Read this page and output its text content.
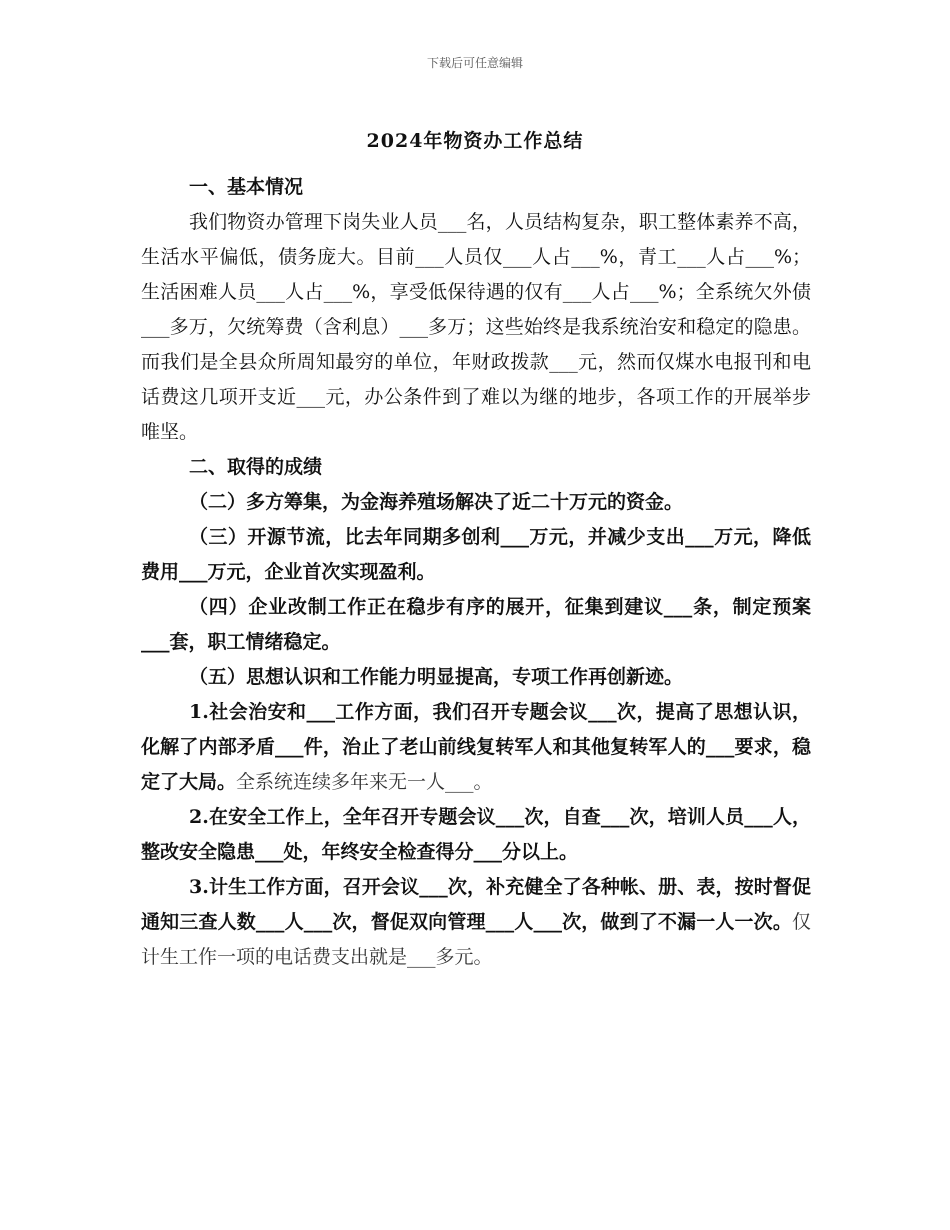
下载后可任意编辑
2024年物资办工作总结

一、基本情况

我们物资办管理下岗失业人员___名，人员结构复杂，职工整体素养不高，生活水平偏低，债务庞大。目前___人员仅___人占___%，青工___人占___%；生活困难人员___人占___%，享受低保待遇的仅有___人占___%；全系统欠外债___多万，欠统筹费（含利息）___多万；这些始终是我系统治安和稳定的隐患。而我们是全县众所周知最穷的单位，年财政拨款___元，然而仅煤水电报刊和电话费这几项开支近___元，办公条件到了难以为继的地步，各项工作的开展举步唯坚。

二、取得的成绩

（二）多方筹集，为金海养殖场解决了近二十万元的资金。

（三）开源节流，比去年同期多创利___万元，并减少支出___万元，降低费用___万元，企业首次实现盈利。

（四）企业改制工作正在稳步有序的展开，征集到建议___条，制定预案___套，职工情绪稳定。

（五）思想认识和工作能力明显提高，专项工作再创新迹。

1.社会治安和___工作方面，我们召开专题会议___次，提高了思想认识，化解了内部矛盾___件，治止了老山前线复转军人和其他复转军人的___要求，稳定了大局。全系统连续多年来无一人___。

2.在安全工作上，全年召开专题会议___次，自查___次，培训人员___人，整改安全隐患___处，年终安全检查得分___分以上。

3.计生工作方面，召开会议___次，补充健全了各种帐、册、表，按时督促通知三查人数___人___次，督促双向管理___人___次，做到了不漏一人一次。仅计生工作一项的电话费支出就是___多元。
